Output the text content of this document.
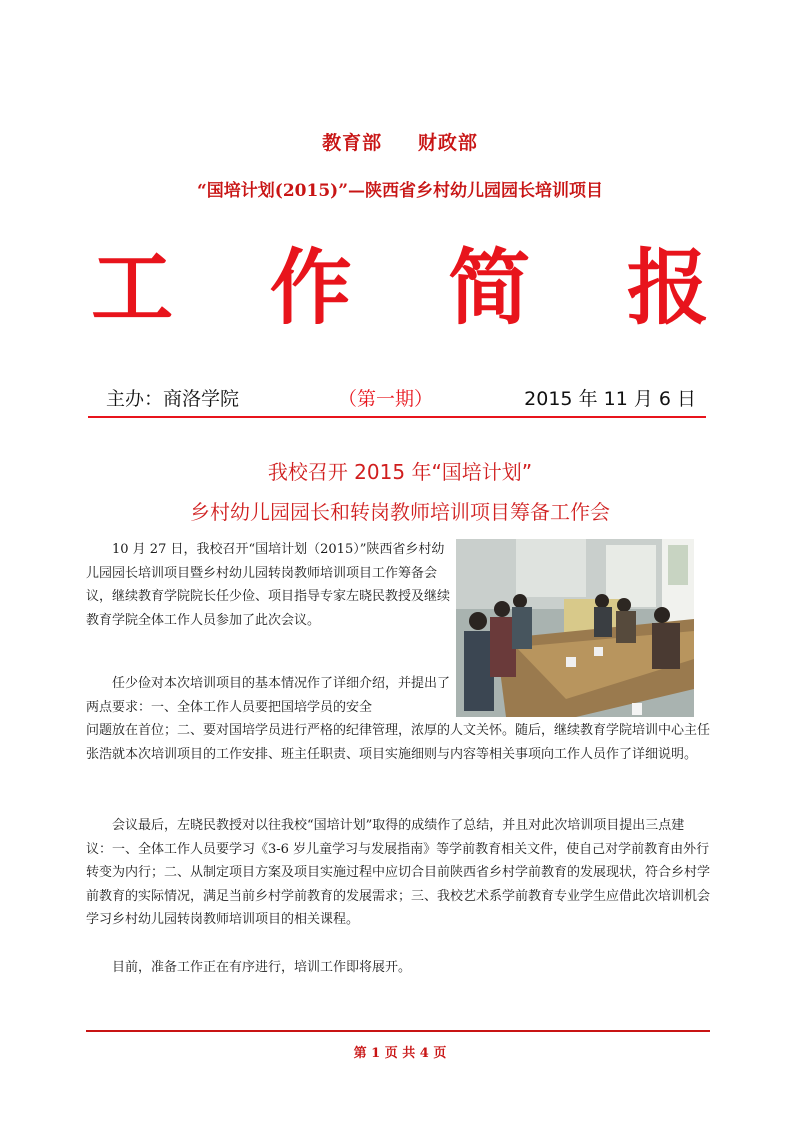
教育部 财政部
“国培计划(2015)”—陕西省乡村幼儿园园长培训项目
工 作 简 报
主办：商洛学院	（第一期）	2015 年 11 月 6 日
我校召开 2015 年“国培计划”
乡村幼儿园园长和转岗教师培训项目筹备工作会

10 月 27 日，我校召开“国培计划（2015）”陕西省乡村幼儿园园长培训项目暨乡村幼儿园转岗教师培训项目工作筹备会议，继续教育学院院长任少俭、项目指导专家左晓民教授及继续教育学院全体工作人员参加了此次会议。

任少俭对本次培训项目的基本情况作了详细介绍，并提出了两点要求：一、全体工作人员要把国培学员的安全

问题放在首位；二、要对国培学员进行严格的纪律管理，浓厚的人文关怀。随后，继续教育学院培训中心主任张浩就本次培训项目的工作安排、班主任职责、项目实施细则与内容等相关事项向工作人员作了详细说明。

会议最后，左晓民教授对以往我校“国培计划”取得的成绩作了总结，并且对此次培训项目提出三点建议：一、全体工作人员要学习《3-6 岁儿童学习与发展指南》等学前教育相关文件，使自己对学前教育由外行转变为内行；二、从制定项目方案及项目实施过程中应切合目前陕西省乡村学前教育的发展现状，符合乡村学前教育的实际情况，满足当前乡村学前教育的发展需求；三、我校艺术系学前教育专业学生应借此次培训机会学习乡村幼儿园转岗教师培训项目的相关课程。

目前，准备工作正在有序进行，培训工作即将展开。

第 1 页 共 4 页
